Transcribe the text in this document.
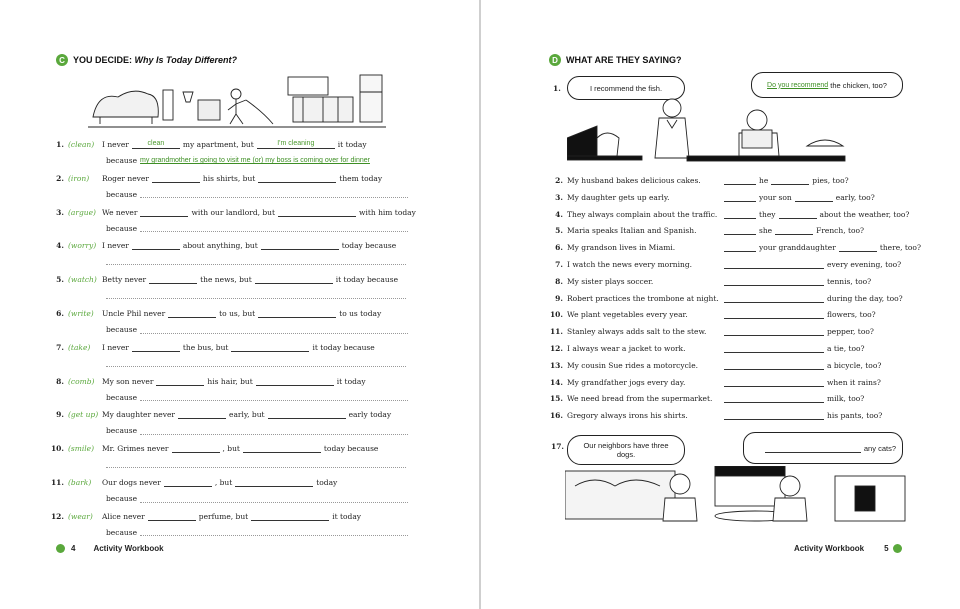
C YOU DECIDE: Why Is Today Different?
1. (clean)	I never	clean	my apartment, but	I'm cleaning	it today
because my grandmother is going to visit me (or) my boss is coming over for dinner
2. (iron)	Roger never	his shirts, but	them today
because
3. (argue) We never	with our landlord, but	with him today
because
4. (worry) I never	about anything, but	today because
5. (watch) Betty never	the news, but	it today because
6. (write)	Uncle Phil never	to us, but	to us today
because
7. (take)	I never	the bus, but	it today because
8. (comb)	My son never	his hair, but	it today
because
9. (get up) My daughter never	early, but	early today
because
10. (smile)	Mr. Grimes never	, but	today because
11. (bark)	Our dogs never	, but	today
because
12. (wear)	Alice never	perfume, but	it today
because
4 Activity Workbook
D WHAT ARE THEY SAYING?
1.	I recommend the fish.	Do you recommend
the chicken, too?
17.	Our neighbors have three dogs.
any cats?
2. My husband bakes delicious cakes.	he	pies, too?
3. My daughter gets up early.	your son	early, too?
4. They always complain about the traffic.	they	about the weather, too?
5. Maria speaks Italian and Spanish.	she	French, too?
6. My grandson lives in Miami.	your granddaughter	there, too?
7. I watch the news every morning.	every evening, too?
8. My sister plays soccer.	tennis, too?
9. Robert practices the trombone at night.	during the day, too?
10. We plant vegetables every year.	flowers, too?
11. Stanley always adds salt to the stew.	pepper, too?
12. I always wear a jacket to work.	a tie, too?
13. My cousin Sue rides a motorcycle.	a bicycle, too?
14. My grandfather jogs every day.	when it rains?
15. We need bread from the supermarket.	milk, too?
16. Gregory always irons his shirts.	his pants, too?
Activity Workbook	5
